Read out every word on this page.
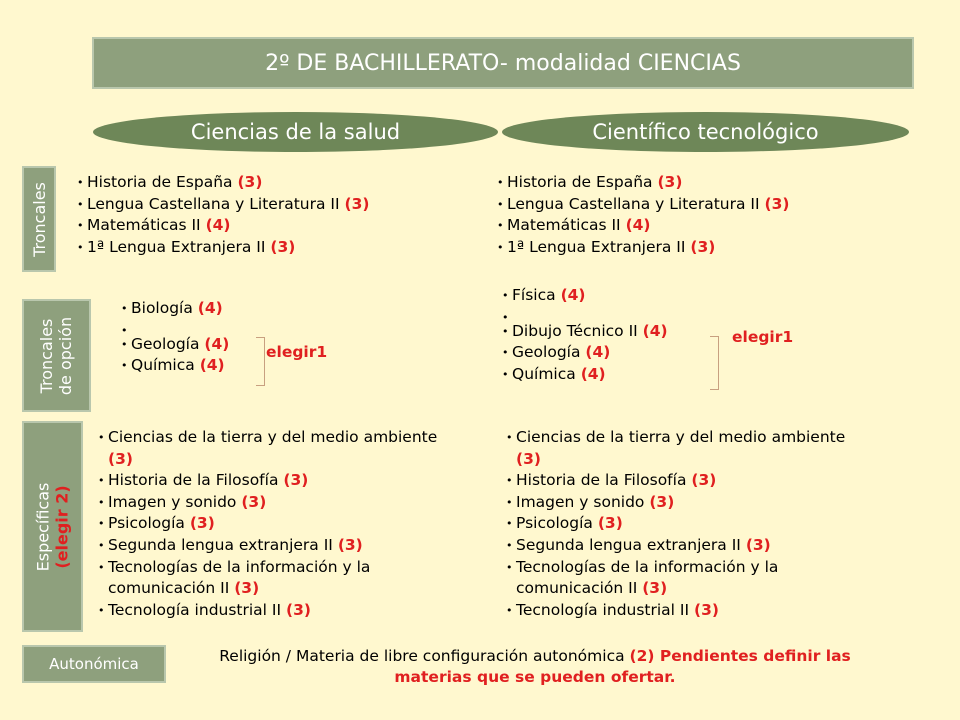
2º DE BACHILLERATO- modalidad CIENCIAS
Ciencias de la salud	Científico tecnológico
Troncales
Troncales de opción
Específicas (elegir 2)
Autonómica
• Historia de España (3)
• Lengua Castellana y Literatura II (3)
• Matemáticas II (4)
• 1ª Lengua Extranjera II (3)
• Historia de España (3)
• Lengua Castellana y Literatura II (3)
• Matemáticas II (4)
• 1ª Lengua Extranjera II (3)
• Biología (4)
•
• Geología (4)
• Química (4)
elegir1
• Física (4)
•
• Dibujo Técnico II (4)
• Geología (4)
• Química (4)
elegir1
• Ciencias de la tierra y del medio ambiente (3)
• Historia de la Filosofía (3)
• Imagen y sonido (3)
• Psicología (3)
• Segunda lengua extranjera II (3)
• Tecnologías de la información y la comunicación II (3)
• Tecnología industrial II (3)
• Ciencias de la tierra y del medio ambiente (3)
• Historia de la Filosofía (3)
• Imagen y sonido (3)
• Psicología (3)
• Segunda lengua extranjera II (3)
• Tecnologías de la información y la comunicación II (3)
• Tecnología industrial II (3)
Religión / Materia de libre configuración autonómica (2) Pendientes definir las materias que se pueden ofertar.
